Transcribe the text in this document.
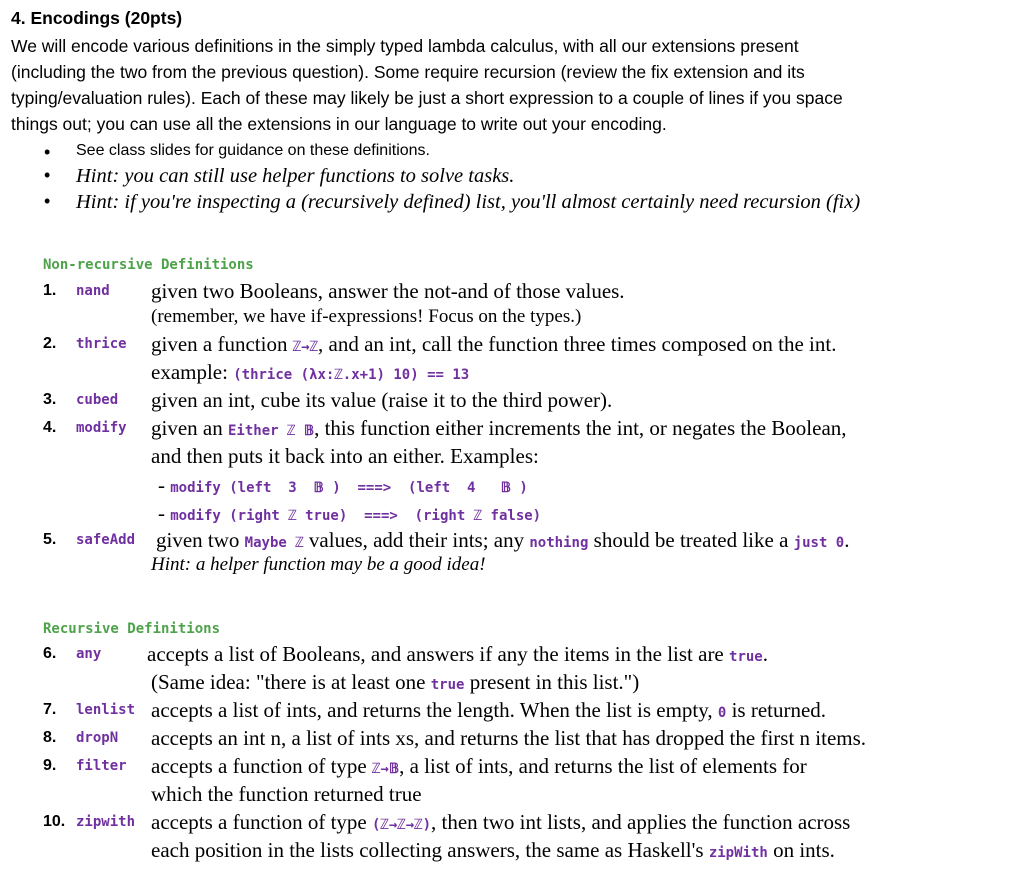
4. Encodings (20pts)
We will encode various definitions in the simply typed lambda calculus, with all our extensions present
(including the two from the previous question). Some require recursion (review the fix extension and its
typing/evaluation rules). Each of these may likely be just a short expression to a couple of lines if you space
things out; you can use all the extensions in our language to write out your encoding.
• See class slides for guidance on these definitions.
• Hint: you can still use helper functions to solve tasks.
• Hint: if you're inspecting a (recursively defined) list, you'll almost certainly need recursion (fix)
Non-recursive Definitions
Recursive Definitions
1. nand given two Booleans, answer the not-and of those values.
(remember, we have if-expressions! Focus on the types.)
2. thrice given a function ℤ→ℤ, and an int, call the function three times composed on the int.
example: (thrice (λx:ℤ.x+1) 10) == 13
3. cubed given an int, cube its value (raise it to the third power).
4. modify given an Either ℤ 𝔹, this function either increments the int, or negates the Boolean,
and then puts it back into an either. Examples:
- modify (left  3  𝔹 )  ===>  (left  4   𝔹 )
- modify (right ℤ true)  ===>  (right ℤ false)
5. safeAdd given two Maybe ℤ values, add their ints; any nothing should be treated like a just 0.
Hint: a helper function may be a good idea!
6. any accepts a list of Booleans, and answers if any the items in the list are true.
(Same idea: "there is at least one true present in this list.")
7. lenlist accepts a list of ints, and returns the length. When the list is empty, 0 is returned.
8. dropN accepts an int n, a list of ints xs, and returns the list that has dropped the first n items.
9. filter accepts a function of type ℤ→𝔹, a list of ints, and returns the list of elements for
which the function returned true
10. zipwith accepts a function of type (ℤ→ℤ→ℤ), then two int lists, and applies the function across
each position in the lists collecting answers, the same as Haskell's zipWith on ints.
